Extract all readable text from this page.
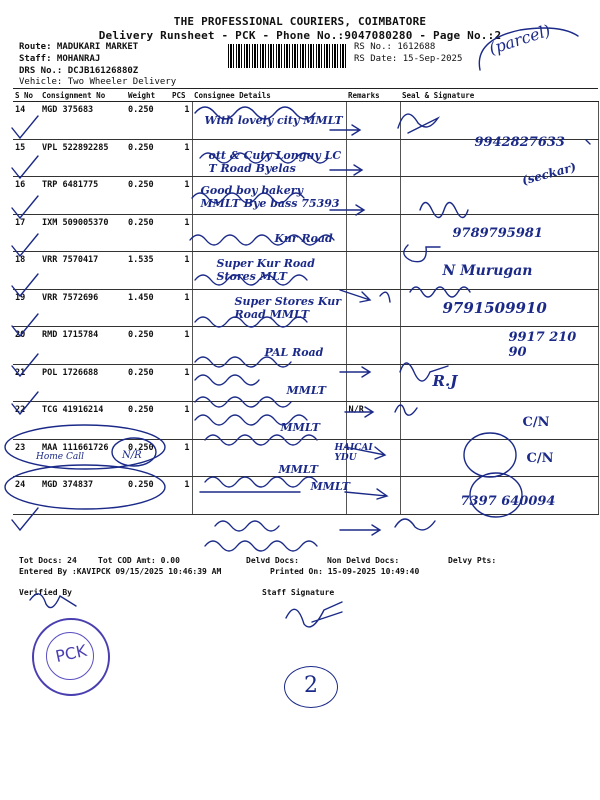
THE PROFESSIONAL COURIERS, COIMBATORE
Delivery Runsheet - PCK - Phone No.:9047080280 - Page No.:2
Route: MADUKARI MARKET
Staff: MOHANRAJ
DRS No.: DCJB16126880Z
Vehicle: Two Wheeler Delivery
RS No.: 1612688
RS Date: 15-Sep-2025
(parcel)
S No	Consignment No	Weight	PCS	Consignee Details	Remarks	Seal & Signature
14	MGD 375683	0.250	1	With lovely city MMLT		

15	VPL 522892285	0.250	1	ott & Cuty Longuy LC T Road Byelas		9942827633

16	TRP 6481775	0.250	1	Good boy bakery MMLT Bye bass 75393		(seckar)

17	IXM 509005370	0.250	1	Kur Road		9789795981

18	VRR 7570417	1.535	1	Super Kur Road Stores MLT		N Murugan

19	VRR 7572696	1.450	1	Super Stores Kur Road MMLT		9791509910

20	RMD 1715784	0.250	1	PAL Road		9917 210 90

21	POL 1726688	0.250	1	MMLT		R.J

22	TCG 41916214	0.250	1	MMLT	N/R	C/N

23	MAA 111661726	0.250	1	MMLT	HAICAI YDU	C/N

24	MGD 374837	0.250	1	MMLT		7397 640094
Home Call	N/R
Tot Docs: 24	Tot COD Amt: 0.00	Delvd Docs:	Non Delvd Docs:	Delvy Pts:
Entered By :KAVIPCK 09/15/2025 10:46:39 AM	Printed On: 15-09-2025 10:49:40
Verified By	Staff Signature
PCK
2
